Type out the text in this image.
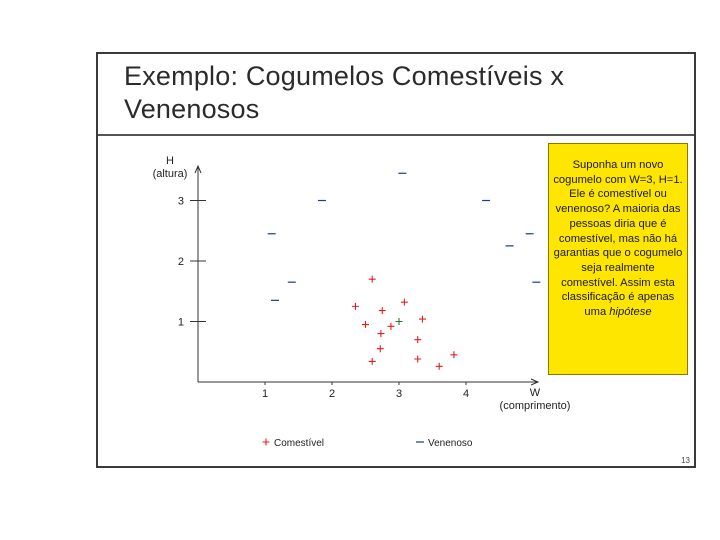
Exemplo: Cogumelos Comestíveis x Venenosos
1	2	3	4
1
2
3
H (altura)
W (comprimento)
Comestível	Venenoso
Suponha um novo cogumelo com W=3, H=1. Ele é comestível ou venenoso? A maioria das pessoas diria que é comestível, mas não há garantias que o cogumelo seja realmente comestível. Assim esta classificação é apenas uma hipótese
13
